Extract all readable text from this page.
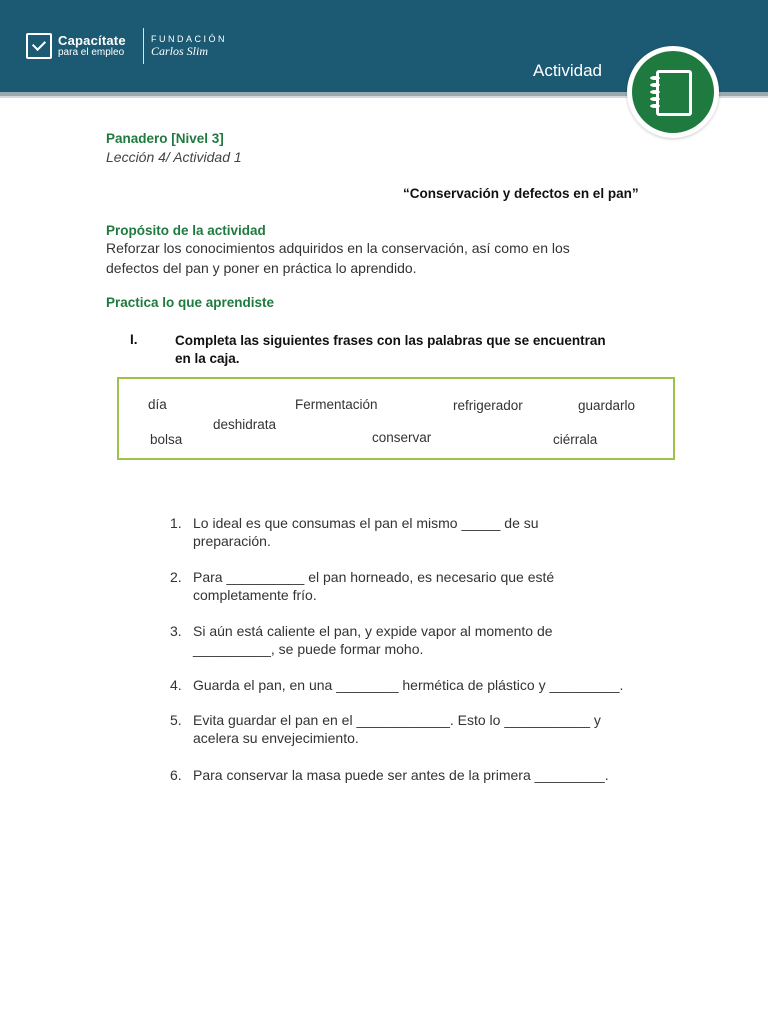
Capacítate
para el empleo
FUNDACIÓN
Carlos Slim
Actividad
Panadero [Nivel 3]
Lección 4/ Actividad 1
“Conservación y defectos en el pan”
Propósito de la actividad
Reforzar los conocimientos adquiridos en la conservación, así como en los
defectos del pan y poner en práctica lo aprendido.
Practica lo que aprendiste
I.	Completa las siguientes frases con las palabras que se encuentran
en la caja.
día	Fermentación	refrigerador	guardarlo
deshidrata
bolsa	conservar	ciérrala
1. Lo ideal es que consumas el pan el mismo _____ de su
preparación.
2. Para __________ el pan horneado, es necesario que esté
completamente frío.
3. Si aún está caliente el pan, y expide vapor al momento de
__________, se puede formar moho.
4. Guarda el pan, en una ________ hermética de plástico y _________.
5. Evita guardar el pan en el ____________. Esto lo ___________ y
acelera su envejecimiento.
6. Para conservar la masa puede ser antes de la primera _________.
